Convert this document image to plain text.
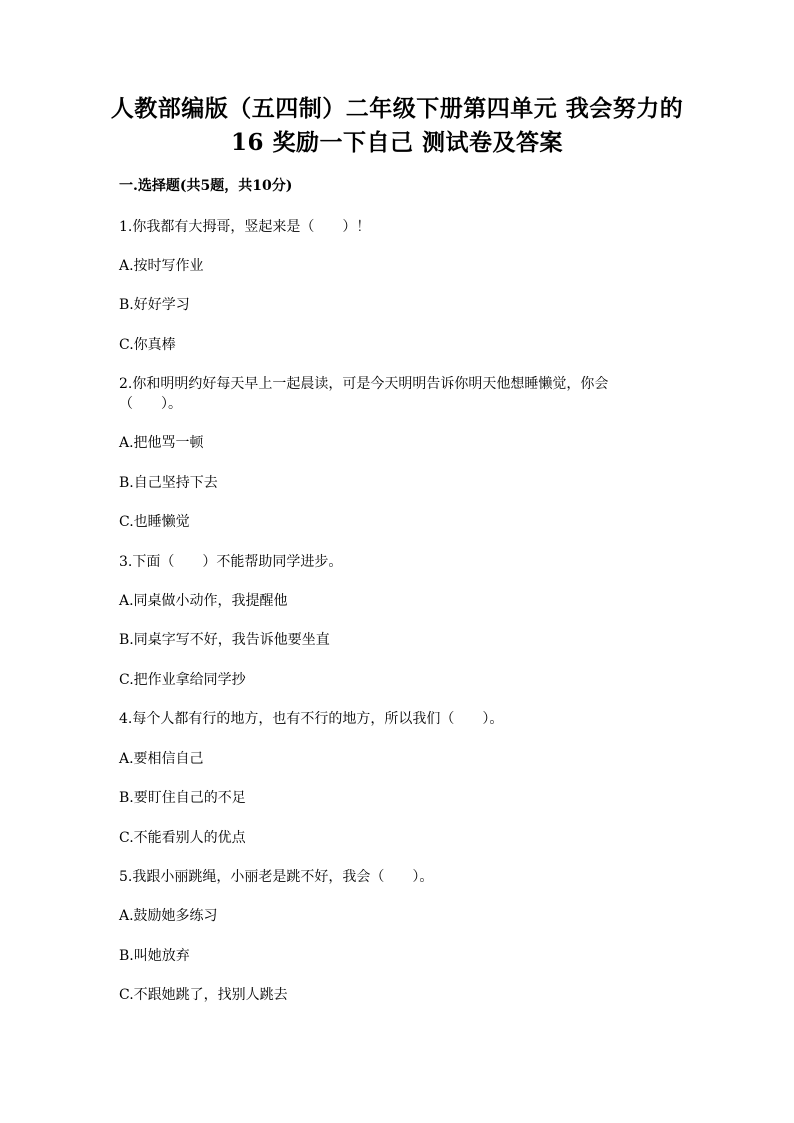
人教部编版（五四制）二年级下册第四单元 我会努力的 16 奖励一下自己 测试卷及答案
一.选择题(共5题，共10分)
1.你我都有大拇哥，竖起来是（　　）！
A.按时写作业
B.好好学习
C.你真棒
2.你和明明约好每天早上一起晨读，可是今天明明告诉你明天他想睡懒觉，你会（　　）。
A.把他骂一顿
B.自己坚持下去
C.也睡懒觉
3.下面（　　）不能帮助同学进步。
A.同桌做小动作，我提醒他
B.同桌字写不好，我告诉他要坐直
C.把作业拿给同学抄
4.每个人都有行的地方，也有不行的地方，所以我们（　　）。
A.要相信自己
B.要盯住自己的不足
C.不能看别人的优点
5.我跟小丽跳绳，小丽老是跳不好，我会（　　）。
A.鼓励她多练习
B.叫她放弃
C.不跟她跳了，找别人跳去
